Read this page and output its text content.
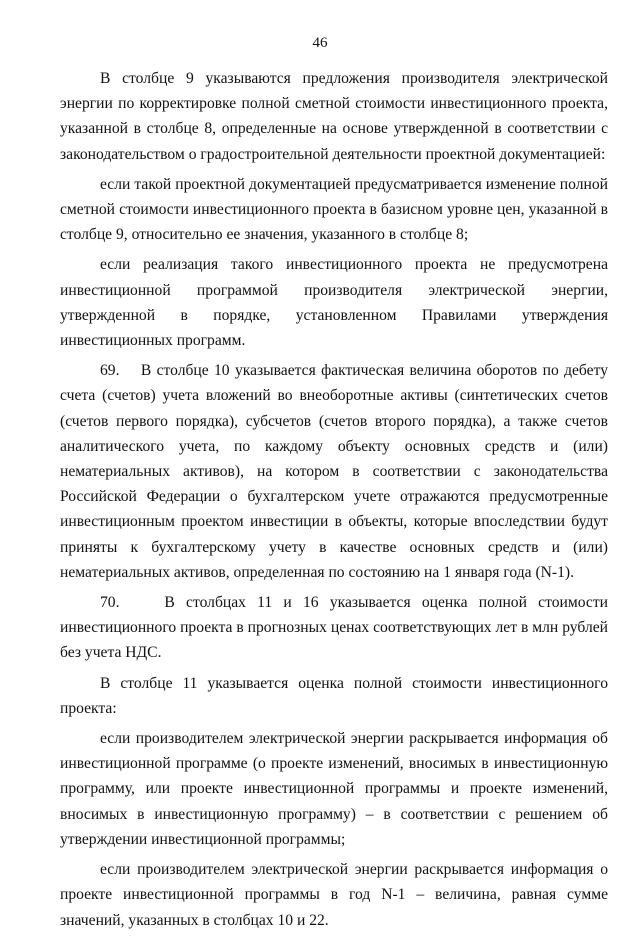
46

В столбце 9 указываются предложения производителя электрической энергии по корректировке полной сметной стоимости инвестиционного проекта, указанной в столбце 8, определенные на основе утвержденной в соответствии с законодательством о градостроительной деятельности проектной документацией:

если такой проектной документацией предусматривается изменение полной сметной стоимости инвестиционного проекта в базисном уровне цен, указанной в столбце 9, относительно ее значения, указанного в столбце 8;

если реализация такого инвестиционного проекта не предусмотрена инвестиционной программой производителя электрической энергии, утвержденной в порядке, установленном Правилами утверждения инвестиционных программ.

69.    В столбце 10 указывается фактическая величина оборотов по дебету счета (счетов) учета вложений во внеоборотные активы (синтетических счетов (счетов первого порядка), субсчетов (счетов второго порядка), а также счетов аналитического учета, по каждому объекту основных средств и (или) нематериальных активов), на котором в соответствии с законодательства Российской Федерации о бухгалтерском учете отражаются предусмотренные инвестиционным проектом инвестиции в объекты, которые впоследствии будут приняты к бухгалтерскому учету в качестве основных средств и (или) нематериальных активов, определенная по состоянию на 1 января года (N-1).

70.    В столбцах 11 и 16 указывается оценка полной стоимости инвестиционного проекта в прогнозных ценах соответствующих лет в млн рублей без учета НДС.

В столбце 11 указывается оценка полной стоимости инвестиционного проекта:

если производителем электрической энергии раскрывается информация об инвестиционной программе (о проекте изменений, вносимых в инвестиционную программу, или проекте инвестиционной программы и проекте изменений, вносимых в инвестиционную программу) – в соответствии с решением об утверждении инвестиционной программы;

если производителем электрической энергии раскрывается информация о проекте инвестиционной программы в год N-1 – величина, равная сумме значений, указанных в столбцах 10 и 22.
